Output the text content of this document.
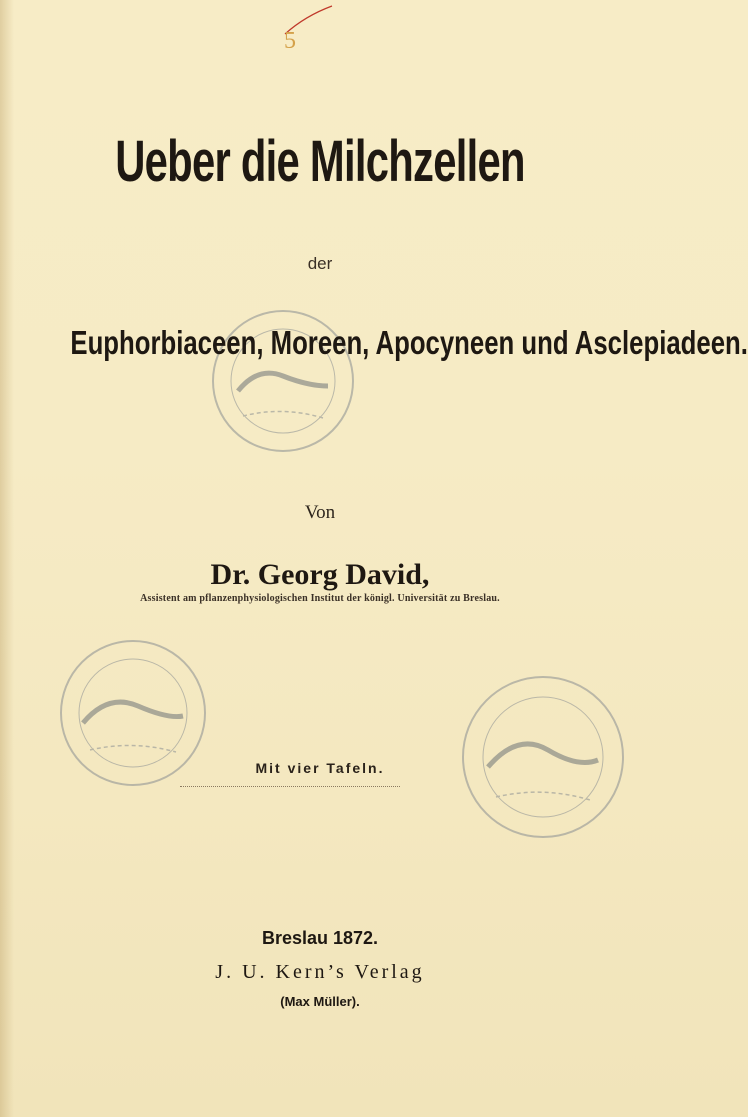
5
Ueber die Milchzellen
der
Euphorbiaceen, Moreen, Apocyneen und Asclepiadeen.
Von
Dr. Georg David,
Assistent am pflanzenphysiologischen Institut der königl. Universität zu Breslau.
Mit vier Tafeln.
Breslau 1872.
J. U. Kern’s Verlag
(Max Müller).
